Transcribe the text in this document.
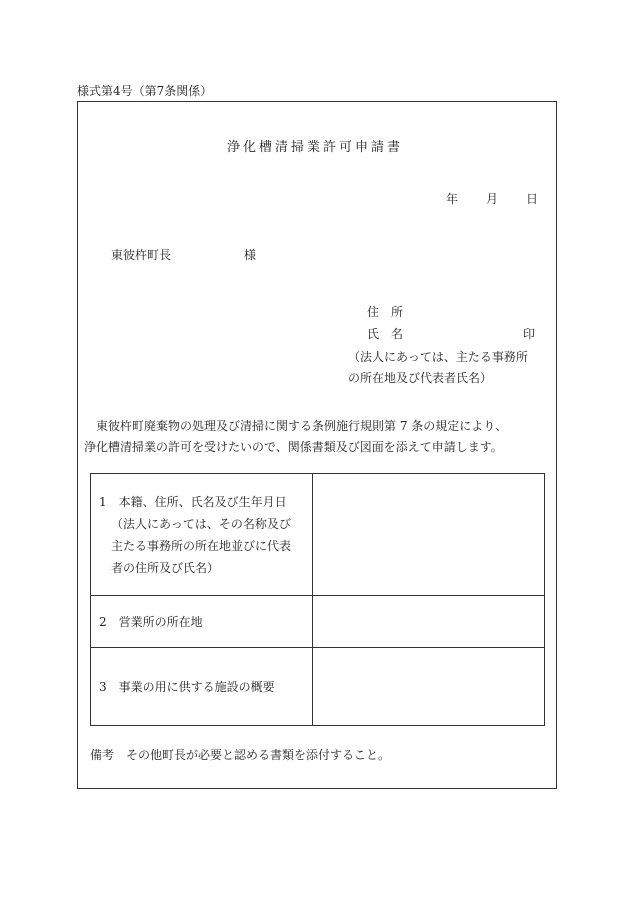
様式第4号（第7条関係）
浄化槽清掃業許可申請書
年 月 日
東彼杵町長	様
住　所
氏　名	印
（法人にあっては、主たる事務所
の所在地及び代表者氏名）
東彼杵町廃棄物の処理及び清掃に関する条例施行規則第 7 条の規定により、
浄化槽清掃業の許可を受けたいので、関係書類及び図面を添えて申請します。
1　本籍、住所、氏名及び生年月日
（法人にあっては、その名称及び
主たる事務所の所在地並びに代表
者の住所及び氏名）	

2　営業所の所在地	

3　事業の用に供する施設の概要	

備考　その他町長が必要と認める書類を添付すること。
